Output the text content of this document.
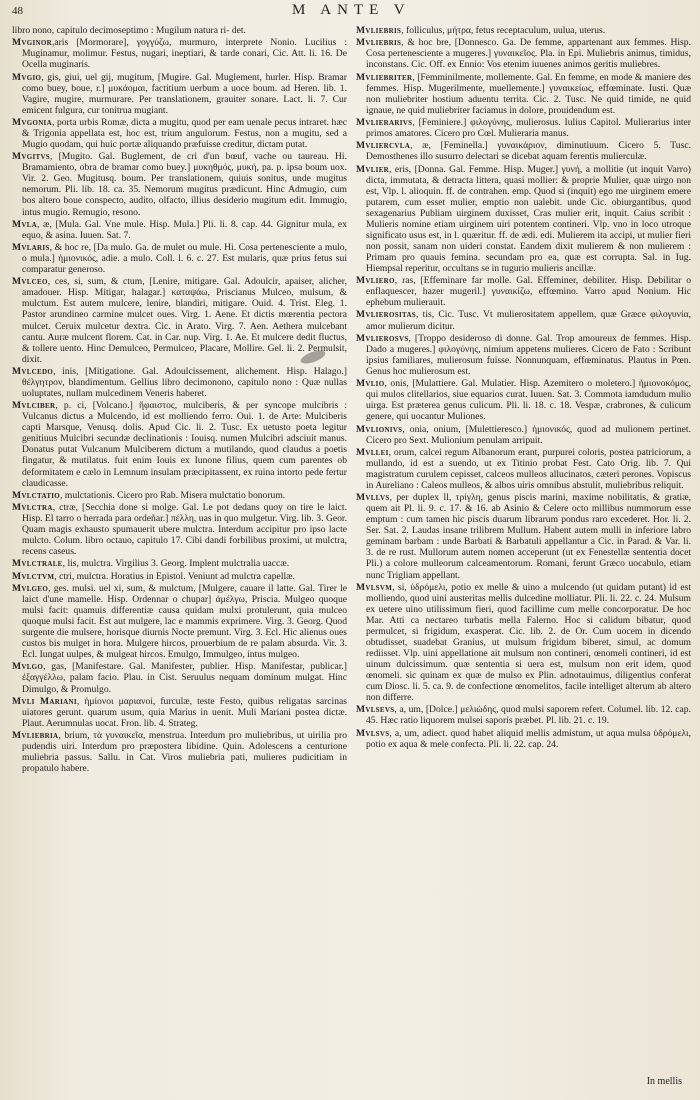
48	M ANTE V

libro nono, capitulo decimoseptimo : Mugilum natura ri- det.

Mvginor,aris [Mormorare], γογγύζω, murmuro, interprete Nonio. Lucilius : Muginamur, molimur. Festus, nugari, ineptiari, & tarde conari, Cic. Att. li. 16. De Ocella muginaris.

Mvgio, gis, giui, uel gij, mugitum, [Mugire. Gal. Muglement, hurler. Hisp. Bramar como buey, boue, r.] μυκάομαι, factitium uerbum a uoce boum. ad Heren. lib. 1. Vagire, mugire, murmurare. Per translationem, grauiter sonare. Lact. li. 7. Cur emicent fulgura, cur tonitrua mugiant.

Mvgonia, porta urbis Romæ, dicta a mugitu, quod per eam uenale pecus intraret. hæc & Trigonia appellata est, hoc est, trium angulorum. Festus, non a mugitu, sed a Mugio quodam, qui huic portæ aliquando præfuisse creditur, dictam putat.

Mvgitvs, [Mugito. Gal. Buglement, de cri d'un bœuf, vache ou taureau. Hi. Bramamiento, obra de bramar como buey.] μυκηθμός, μυκή, pa. p. ipsa boum uox. Vir. 2. Geo. Mugitusq. boum. Per translationem, quiuis sonitus, unde mugitus nemorum. Pli. lib. 18. ca. 35. Nemorum mugitus prædicunt. Hinc Admugio, cum bos altero boue conspecto, audito, olfacto, illius desiderio mugitum edit. Immugio, intus mugio. Remugio, resono.

Mvla, æ, [Mula. Gal. Vne mule. Hisp. Mula.] Pli. li. 8. cap. 44. Gignitur mula, ex equo, & asina. Iuuen. Sat. 7.

Mvlaris, & hoc re, [Da mulo. Ga. de mulet ou mule. Hi. Cosa pertenesciente a mulo, o mula.] ἡμιονικός, adie. a mulo. Coll. l. 6. c. 27. Est mularis, quæ prius fetus sui comparatur generoso.

Mvlceo, ces, si, sum, & ctum, [Lenire, mitigare. Gal. Adoulcir, apaiser, alicher, amadouer. Hisp. Mitigar, halagar.] καταψάω, Priscianus Mulceo, mulsum, & mulctum. Est autem mulcere, lenire, blandiri, mitigare. Ouid. 4. Trist. Eleg. 1. Pastor arundineo carmine mulcet oues. Virg. 1. Aene. Et dictis mœrentia pectora mulcet. Ceruix mulcetur dextra. Cic. in Arato. Virg. 7. Aen. Aethera mulcebant cantu. Auræ mulcent florem. Cat. in Car. nup. Virg. 1. Ae. Et mulcere dedit fluctus, & tollere uento. Hinc Demulceo, Permulceo, Placare, Mollire. Gel. li. 2. Permulsit, dixit.

Mvlcedo, inis, [Mitigatione. Gal. Adoulcissement, alichement. Hisp. Halago.] θέλγητρον, blandimentum. Gellius libro decimonono, capitulo nono : Quæ nullas uoluptates, nullam mulcedinem Veneris haberet.

Mvlciber, p. ci, [Volcano.] ἥφαιστος, mulciberis, & per syncope mulcibris : Vulcanus dictus a Mulcendo, id est molliendo ferro. Oui. 1. de Arte: Mulciberis capti Marsque, Venusq. dolis. Apud Cic. li. 2. Tusc. Ex uetusto poeta legitur genitiuus Mulcibri secundæ declinationis : Iouisq. numen Mulcibri adsciuit manus. Donatus putat Vulcanum Mulciberem dictum a mutilando, quod claudus a poetis fingatur, & mutilatus. fuit enim Iouis ex Iunone filius, quem cum parentes ob deformitatem e cælo in Lemnum insulam præcipitassent, ex ruina intorto pede fertur claudicasse.

Mvlctatio, mulctationis. Cicero pro Rab. Misera mulctatio bonorum.

Mvlctra, ctræ, [Secchia done si molge. Gal. Le pot dedans quoy on tire le laict. Hisp. El tarro o herrada para ordeñar.] πέλλη, uas in quo mulgetur. Virg. lib. 3. Geor. Quam magis exhausto spumauerit ubere mulctra. Interdum accipitur pro ipso lacte mulcto. Colum. libro octauo, capitulo 17. Cibi dandi forbilibus proximi, ut mulctra, recens caseus.

Mvlctrale, lis, mulctra. Virgilius 3. Georg. Implent mulctralia uaccæ.

Mvlctvm, ctri, mulctra. Horatius in Epistol. Veniunt ad mulctra capellæ.

Mvlgeo, ges. mulsi. uel xi, sum, & mulctum, [Mulgere, cauare il latte. Gal. Tirer le laict d'une mamelle. Hisp. Ordennar o chupar] ἀμέλγω, Priscia. Mulgeo quoque mulsi facit: quamuis differentiæ causa quidam mulxi protulerunt, quia mulceo quoque mulsi facit. Est aut mulgere, lac e mammis exprimere. Virg. 3. Georg. Quod surgente die mulsere, horisque diurnis Nocte premunt. Virg. 3. Ecl. Hic alienus oues custos bis mulget in hora. Mulgere hircos, prouerbium de re palam absurda. Vir. 3. Ecl. Iungat uulpes, & mulgeat hircos. Emulgo, Immulgeo, intus mulgeo.

Mvlgo, gas, [Manifestare. Gal. Manifester, publier. Hisp. Manifestar, publicar.] ἐξαγγέλλω, palam facio. Plau. in Cist. Seruulus nequam dominum mulgat. Hinc Dimulgo, & Promulgo.

Mvli Mariani, ἡμίονοι μαριανοί, furculæ, teste Festo, quibus religatas sarcinas uiatores gerunt. quarum usum, quia Marius in uenit. Muli Mariani postea dictæ. Plaut. Aerumnulas uocat. Fron. lib. 4. Strateg.

Mvliebria, brium, τὰ γυναικεῖα, menstrua. Interdum pro muliebribus, ut uirilia pro pudendis uiri. Interdum pro præpostera libidine. Quin. Adolescens a centurione muliebria passus. Sallu. in Cat. Viros muliebria pati, mulieres pudicitiam in propatulo habere.

Mvliebris, folliculus, μήτρα, fetus receptaculum, uulua, uterus.

Mvliebris, & hoc bre, [Donnesco. Ga. De femme, appartenant aux femmes. Hisp. Cosa pertenesciente a mugeres.] γυναικεῖος. Pla. in Epi. Muliebris animus, timidus, inconstans. Cic. Off. ex Ennio: Vos etenim iuuenes animos geritis muliebres.

Mvliebriter, [Femminilmente, mollemente. Gal. En femme, en mode & maniere des femmes. Hisp. Mugerilmente, muellemente.] γυναικείως, effœminate. Iusti. Quæ non muliebriter hostium aduentu territa. Cic. 2. Tusc. Ne quid timide, ne quid ignaue, ne quid muliebriter faciamus in dolore, prouidendum est.

Mvlierarivs, [Feminiere.] φιλογύνης, mulierosus. Iulius Capitol. Mulierarius inter primos amatores. Cicero pro Cœl. Mulieraria manus.

Mvliercvla, æ, [Feminella.] γυναικάριον, diminutiuum. Cicero 5. Tusc. Demosthenes illo susurro delectari se dicebat aquam ferentis mulierculæ.

Mvlier, eris, [Donna. Gal. Femme. Hisp. Muger.] γυνή, a mollitie (ut inquit Varro) dicta, immutata, & detracta littera, quasi mollier: & proprie Mulier, quæ uirgo non est, Vlp. l. alioquin. ff. de contrahen. emp. Quod si (inquit) ego me uirginem emere putarem, cum esset mulier, emptio non ualebit. unde Cic. obiurgantibus, quod sexagenarius Publiam uirginem duxisset, Cras mulier erit, inquit. Caius scribit : Mulieris nomine etiam uirginem uiri potentem contineri. Vlp. vno in loco utroque significato usus est, in l. quæritur. ff. de ædi. edi. Mulierem ita accipi, ut mulier fieri non possit, sanam non uideri constat. Eandem dixit mulierem & non mulierem : Primam pro quauis femina. secundam pro ea, quæ est corrupta. Sal. in Iug. Hiempsal reperitur, occultans se in tugurio mulieris ancillæ.

Mvliero, ras, [Effeminare far molle. Gal. Effeminer, debiliter. Hisp. Debilitar o enflaquescer, hazer mugeril.] γυναικίζω, effœmino. Varro apud Nonium. Hic ephebum mulierauit.

Mvlierositas, tis, Cic. Tusc. Vt mulierositatem appellem, quæ Græce φιλογυνία, amor mulierum dicitur.

Mvlierosvs, [Troppo desideroso di donne. Gal. Trop amoureux de femmes. Hisp. Dado a mugeres.] φιλογύνης, nimium appetens mulieres. Cicero de Fato : Scribunt ipsius familiares, mulierosum fuisse. Nonnunquam, effœminatus. Plautus in Pœn. Genus hoc mulierosum est.

Mvlio, onis, [Mulattiere. Gal. Mulatier. Hisp. Azemitero o moletero.] ἡμιονοκόμος, qui mulos clitellarios, siue equarios curat. Iuuen. Sat. 3. Commota iamdudum mulio uirga. Est præterea genus culicum. Pli. li. 18. c. 18. Vespæ, crabrones, & culicum genere, qui uocantur Muliones.

Mvlionivs, onia, onium, [Mulettieresco.] ἡμιονικός, quod ad mulionem pertinet. Cicero pro Sext. Mulionium penulam arripuit.

Mvllei, orum, calcei regum Albanorum erant, purpurei coloris, postea patriciorum, a mullando, id est a suendo, ut ex Titinio probat Fest. Cato Orig. lib. 7. Qui magistratum curulem cepisset, calceos mulleos allucinatos, cæteri perones. Vopiscus in Aureliano : Caleos mulleos, & albos uiris omnibus abstulit, muliebribus reliquit.

Mvllvs, per duplex ll, τρίγλη, genus piscis marini, maxime nobilitatis, & gratiæ, quem ait Pl. li. 9. c. 17. & 16. ab Asinio & Celere octo millibus nummorum esse emptum : cum tamen hic piscis duarum librarum pondus raro excederet. Hor. li. 2. Ser. Sat. 2. Laudas insane trilibrem Mullum. Habent autem mulli in inferiore labro geminam barbam : unde Barbati & Barbatuli appellantur a Cic. in Parad. & Var. li. 3. de re rust. Mullorum autem nomen acceperunt (ut ex Fenestellæ sententia docet Pli.) a colore mulleorum calceamentorum. Romani, ferunt Græco uocabulo, etiam nunc Trigliam appellant.

Mvlsvm, si, ὑδρόμελι, potio ex melle & uino a mulcendo (ut quidam putant) id est molliendo, quod uini austeritas mellis dulcedine molliatur. Pli. li. 22. c. 24. Mulsum ex uetere uino utilissimum fieri, quod facillime cum melle concorporatur. De hoc Mar. Atti ca nectareo turbatis mella Falerno. Hoc si calidum bibatur, quod permulcet, si frigidum, exasperat. Cic. lib. 2. de Or. Cum uocem in dicendo obtudisset, suadebat Granius, ut mulsum frigidum biberet, simul, ac domum rediisset. Vlp. uini appellatione ait mulsum non contineri, œnomeli contineri, id est uinum dulcissimum. quæ sententia si uera est, mulsum non erit idem, quod œnomeli. sic quinam ex quæ de mulso ex Plin. adnotauimus, diligentius conferat cum Diosc. li. 5. ca. 9. de confectione œnomelitos, facile intelliget alterum ab altero non differre.

Mvlsevs, a, um, [Dolce.] μελιώδης, quod mulsi saporem refert. Columel. lib. 12. cap. 45. Hæc ratio liquorem mulsei saporis præbet. Pl. lib. 21. c. 19.

Mvlsvs, a, um, adiect. quod habet aliquid mellis admistum, ut aqua mulsa ὑδρόμελι, potio ex aqua & mele confecta. Pli. li. 22. cap. 24.

In mellis
